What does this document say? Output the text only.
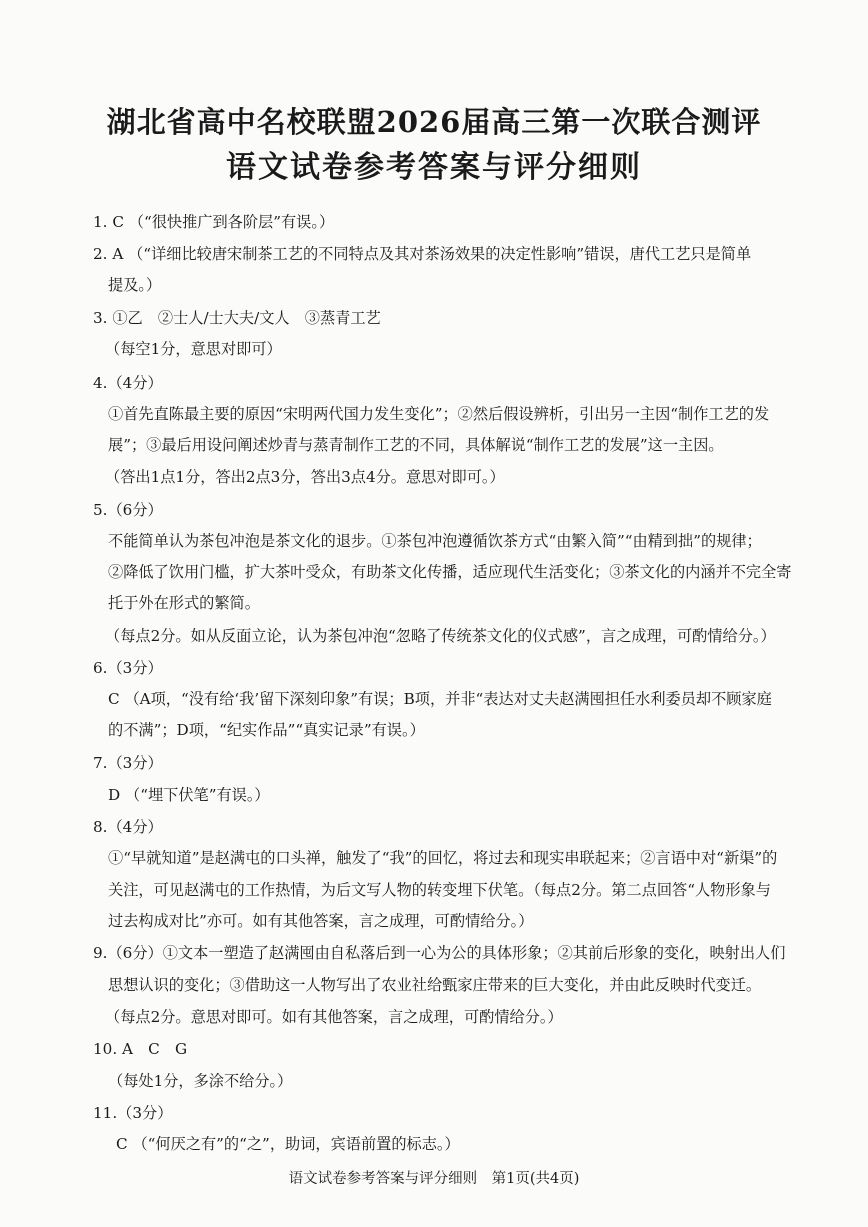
湖北省高中名校联盟2026届高三第一次联合测评
语文试卷参考答案与评分细则
1. C （“很快推广到各阶层”有误。）
2. A （“详细比较唐宋制茶工艺的不同特点及其对茶汤效果的决定性影响”错误，唐代工艺只是简单
提及。）
3. ①乙　②士人/士大夫/文人　③蒸青工艺
（每空1分，意思对即可）
4.（4分）
①首先直陈最主要的原因“宋明两代国力发生变化”；②然后假设辨析，引出另一主因“制作工艺的发
展”；③最后用设问阐述炒青与蒸青制作工艺的不同，具体解说“制作工艺的发展”这一主因。
（答出1点1分，答出2点3分，答出3点4分。意思对即可。）
5.（6分）
不能简单认为茶包冲泡是茶文化的退步。①茶包冲泡遵循饮茶方式“由繁入简”“由精到拙”的规律；
②降低了饮用门槛，扩大茶叶受众，有助茶文化传播，适应现代生活变化；③茶文化的内涵并不完全寄
托于外在形式的繁简。
（每点2分。如从反面立论，认为茶包冲泡“忽略了传统茶文化的仪式感”，言之成理，可酌情给分。）
6.（3分）
C （A项，“没有给‘我’留下深刻印象”有误；B项，并非“表达对丈夫赵满囤担任水利委员却不顾家庭
的不满”；D项，“纪实作品”“真实记录”有误。）
7.（3分）
D （“埋下伏笔”有误。）
8.（4分）
①“早就知道”是赵满屯的口头禅，触发了“我”的回忆，将过去和现实串联起来；②言语中对“新渠”的
关注，可见赵满屯的工作热情，为后文写人物的转变埋下伏笔。（每点2分。第二点回答“人物形象与
过去构成对比”亦可。如有其他答案，言之成理，可酌情给分。）
9.（6分）①文本一塑造了赵满囤由自私落后到一心为公的具体形象；②其前后形象的变化，映射出人们
思想认识的变化；③借助这一人物写出了农业社给甄家庄带来的巨大变化，并由此反映时代变迁。
（每点2分。意思对即可。如有其他答案，言之成理，可酌情给分。）
10. A　C　G
（每处1分，多涂不给分。）
11.（3分）
C （“何厌之有”的“之”，助词，宾语前置的标志。）
语文试卷参考答案与评分细则　第1页(共4页)
